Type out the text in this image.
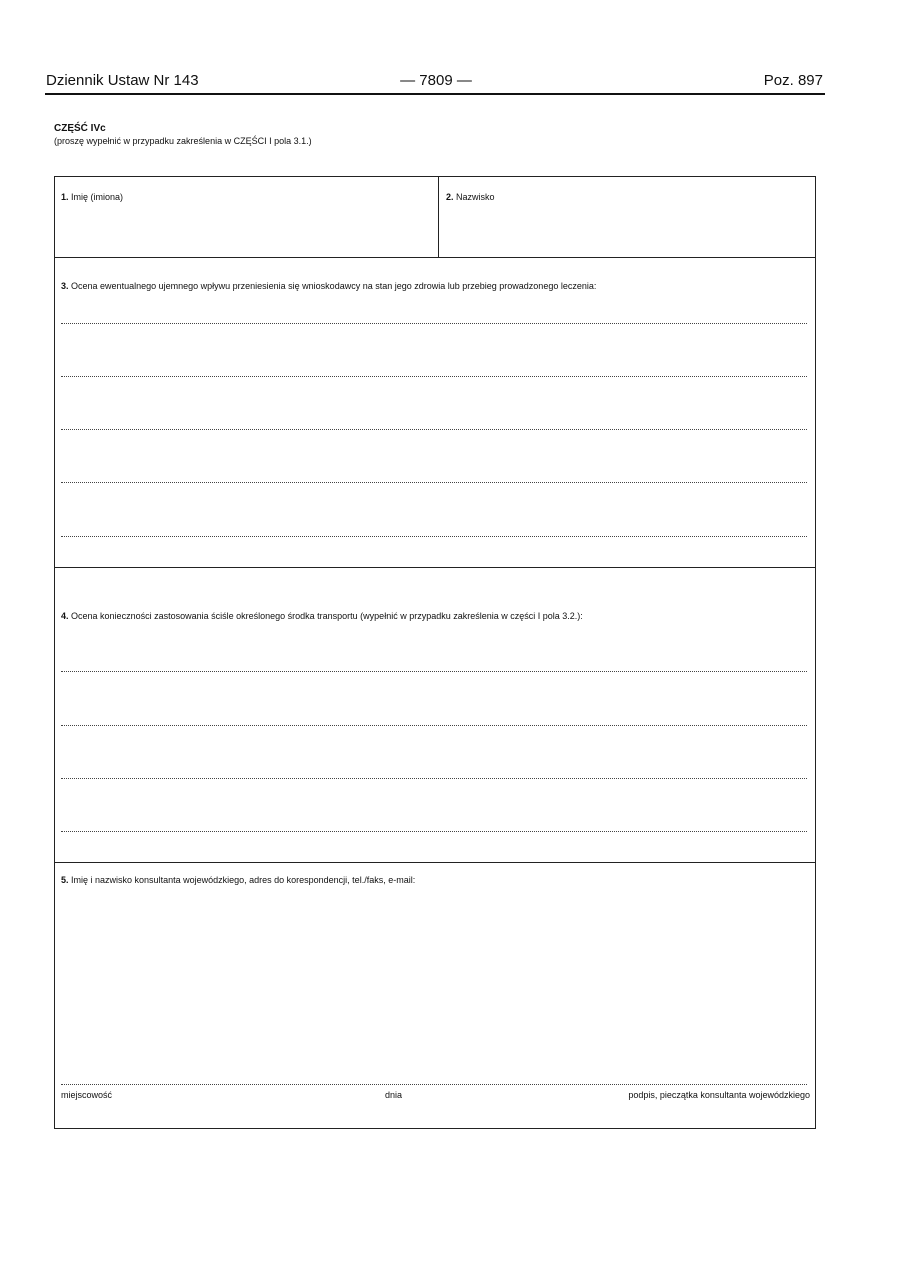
Dziennik Ustaw Nr 143	— 7809 —	Poz. 897
CZĘŚĆ IVc
(proszę wypełnić w przypadku zakreślenia w CZĘŚCI I pola 3.1.)
1. Imię (imiona)	2. Nazwisko
3. Ocena ewentualnego ujemnego wpływu przeniesienia się wnioskodawcy na stan jego zdrowia lub przebieg prowadzonego leczenia:
4. Ocena konieczności zastosowania ściśle określonego środka transportu (wypełnić w przypadku zakreślenia w części I pola 3.2.):
5. Imię i nazwisko konsultanta wojewódzkiego, adres do korespondencji, tel./faks, e-mail:
miejscowość	dnia	podpis, pieczątka konsultanta wojewódzkiego
